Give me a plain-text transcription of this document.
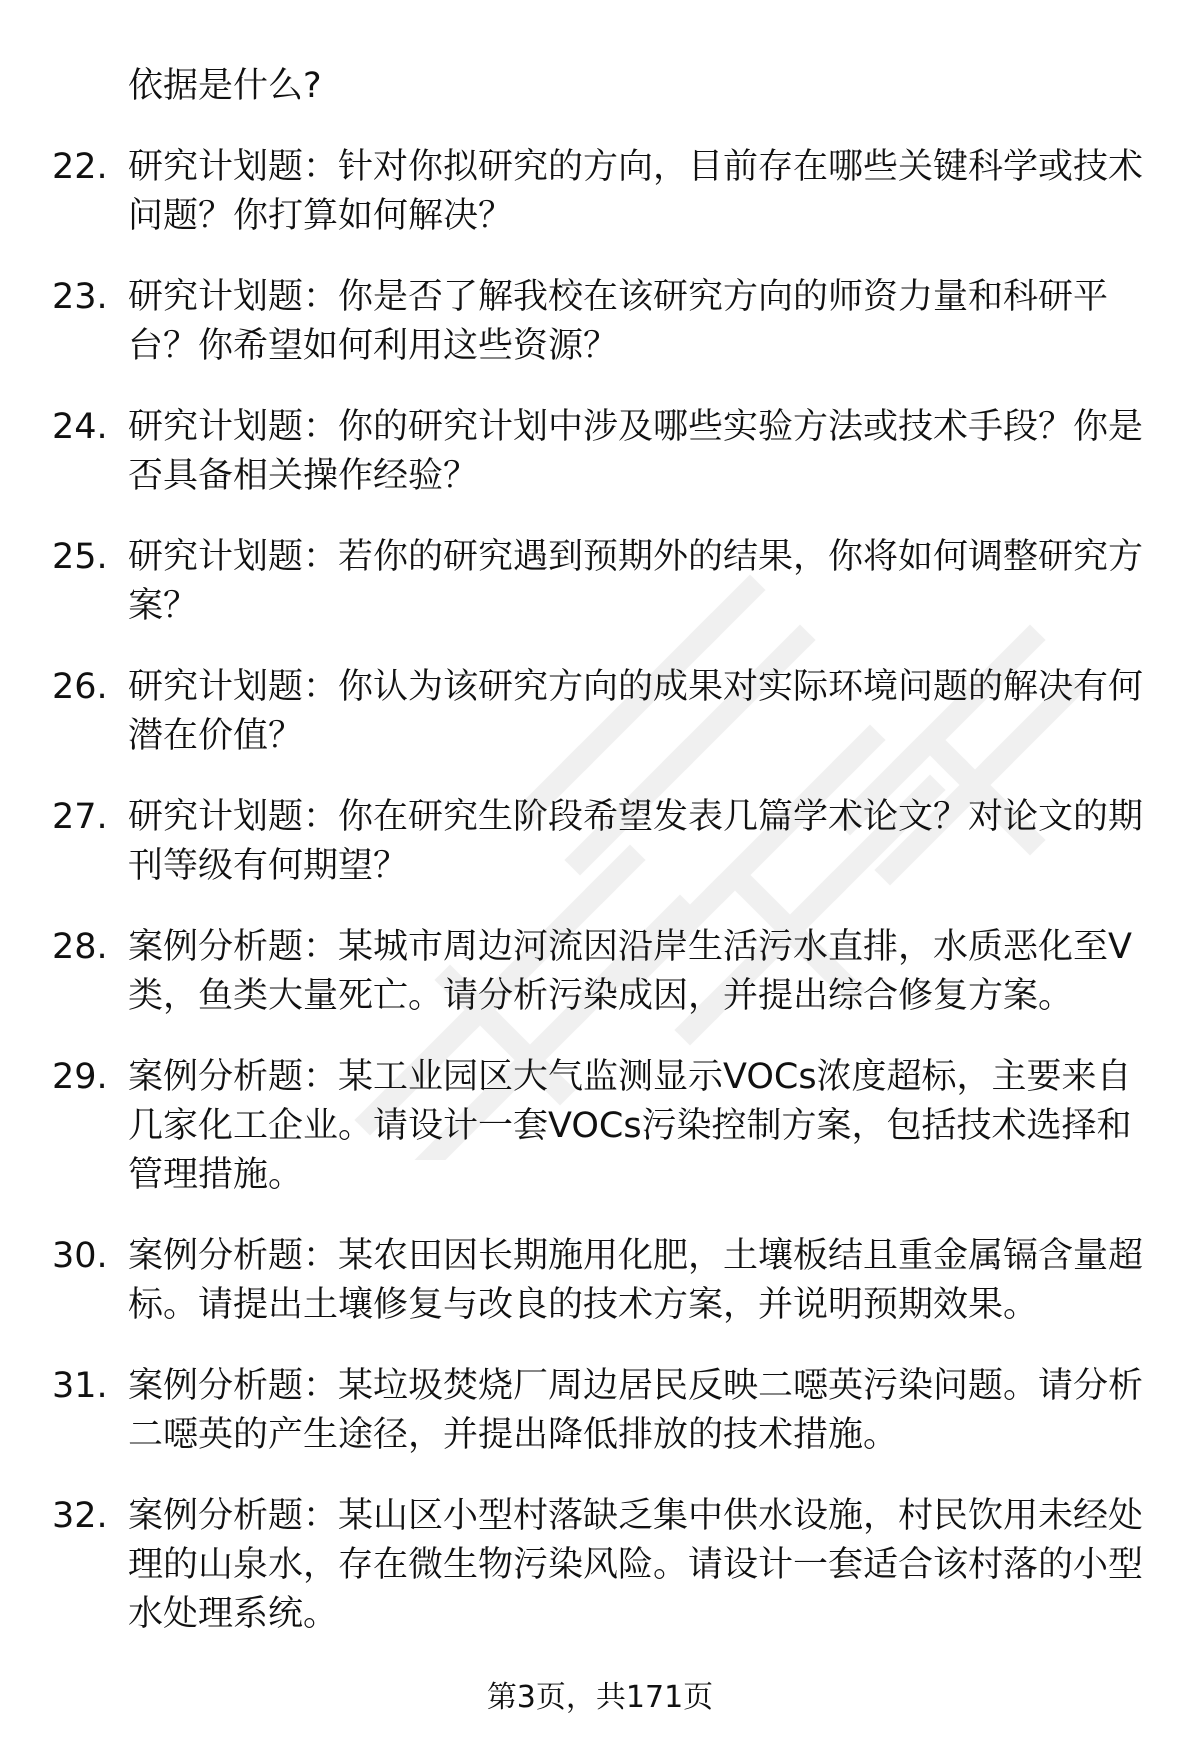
依据是什么?
22. 研究计划题：针对你拟研究的方向，目前存在哪些关键科学或技术问题？你打算如何解决？
23. 研究计划题：你是否了解我校在该研究方向的师资力量和科研平台？你希望如何利用这些资源？
24. 研究计划题：你的研究计划中涉及哪些实验方法或技术手段？你是否具备相关操作经验？
25. 研究计划题：若你的研究遇到预期外的结果，你将如何调整研究方案？
26. 研究计划题：你认为该研究方向的成果对实际环境问题的解决有何潜在价值？
27. 研究计划题：你在研究生阶段希望发表几篇学术论文？对论文的期刊等级有何期望？
28. 案例分析题：某城市周边河流因沿岸生活污水直排，水质恶化至V类，鱼类大量死亡。请分析污染成因，并提出综合修复方案。
29. 案例分析题：某工业园区大气监测显示VOCs浓度超标，主要来自几家化工企业。请设计一套VOCs污染控制方案，包括技术选择和管理措施。
30. 案例分析题：某农田因长期施用化肥，土壤板结且重金属镉含量超标。请提出土壤修复与改良的技术方案，并说明预期效果。
31. 案例分析题：某垃圾焚烧厂周边居民反映二噁英污染问题。请分析二噁英的产生途径，并提出降低排放的技术措施。
32. 案例分析题：某山区小型村落缺乏集中供水设施，村民饮用未经处理的山泉水，存在微生物污染风险。请设计一套适合该村落的小型水处理系统。
第3页，共171页
